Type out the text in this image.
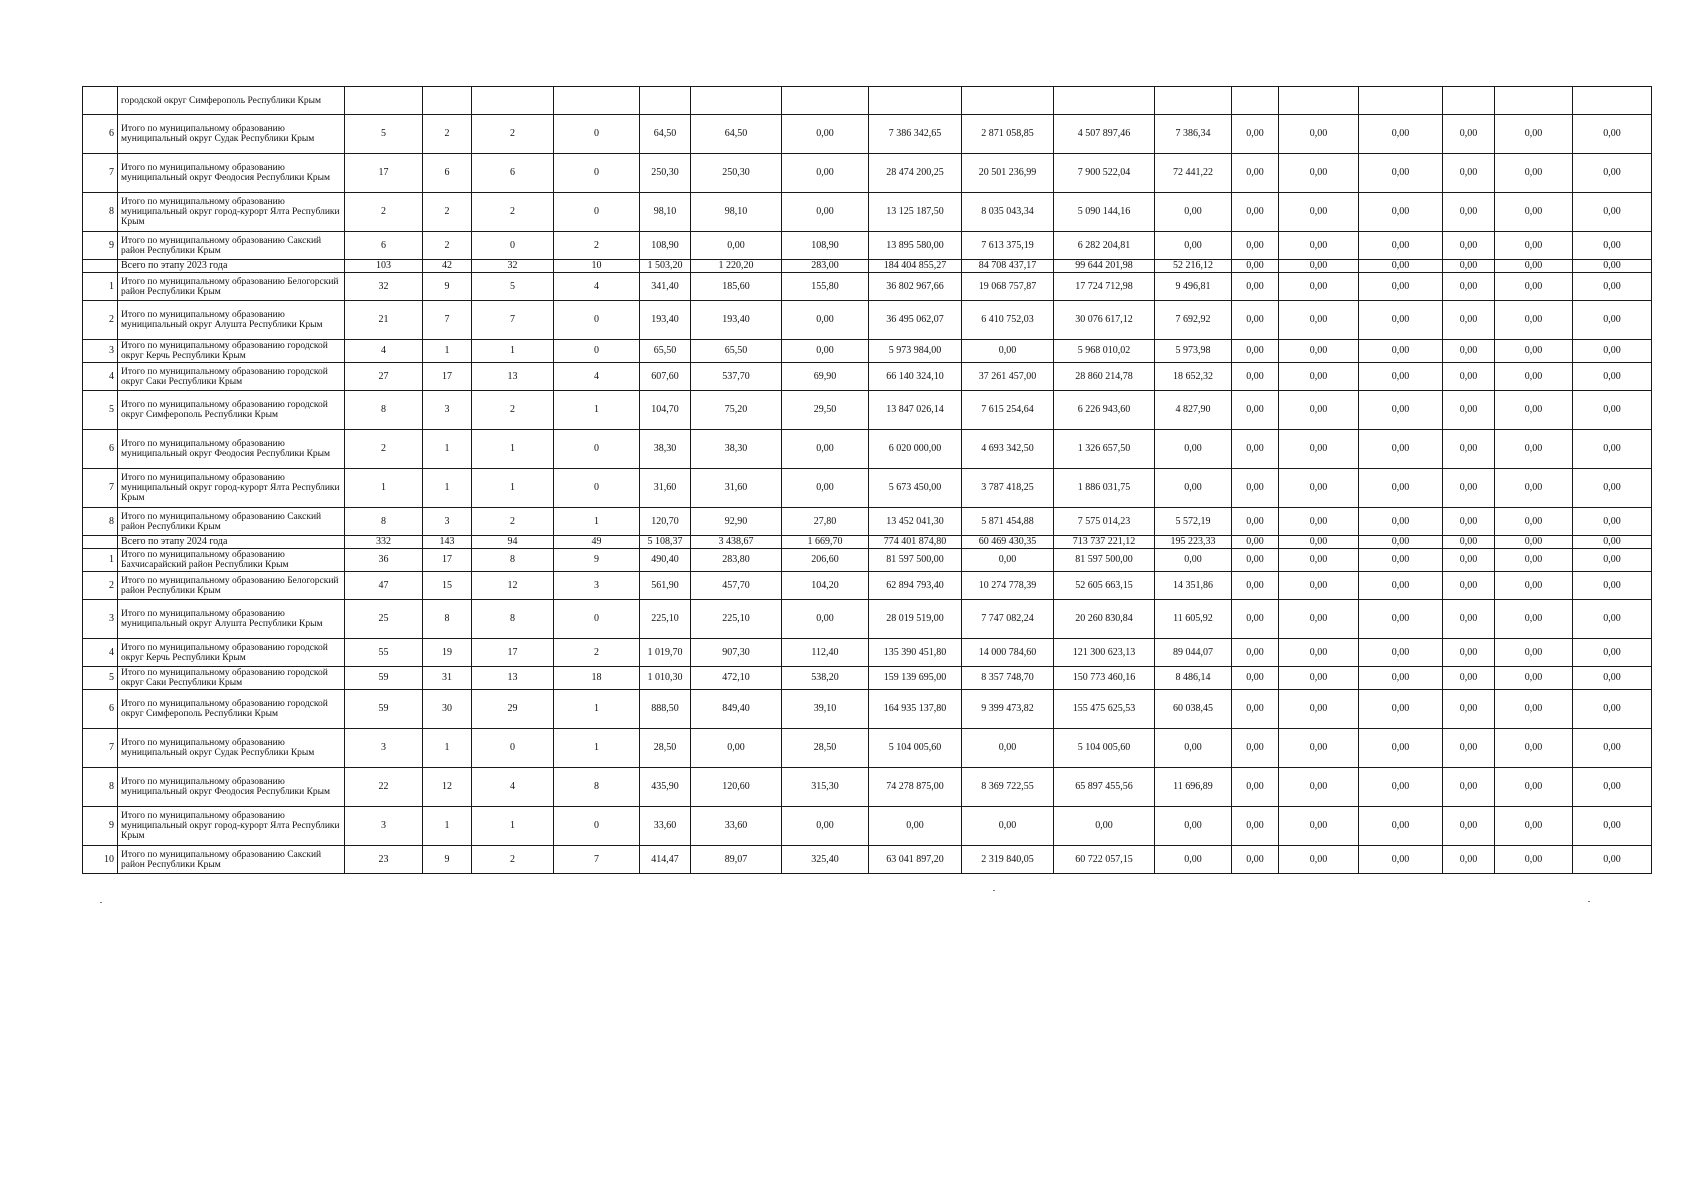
	городской округ Симферополь Республики Крым																		
6	Итого по муниципальному образованию муниципальный округ Судак Республики Крым	5	2	2	0	64,50	64,50	0,00	7 386 342,65	2 871 058,85	4 507 897,46	7 386,34	0,00	0,00	0,00	0,00	0,00	0,00	
7	Итого по муниципальному образованию муниципальный округ Феодосия Республики Крым	17	6	6	0	250,30	250,30	0,00	28 474 200,25	20 501 236,99	7 900 522,04	72 441,22	0,00	0,00	0,00	0,00	0,00	0,00	
8	Итого по муниципальному образованию муниципальный округ город-курорт Ялта Республики Крым	2	2	2	0	98,10	98,10	0,00	13 125 187,50	8 035 043,34	5 090 144,16	0,00	0,00	0,00	0,00	0,00	0,00	0,00	
9	Итого по муниципальному образованию Сакский район Республики Крым	6	2	0	2	108,90	0,00	108,90	13 895 580,00	7 613 375,19	6 282 204,81	0,00	0,00	0,00	0,00	0,00	0,00	0,00	
	Всего по этапу 2023 года	103	42	32	10	1 503,20	1 220,20	283,00	184 404 855,27	84 708 437,17	99 644 201,98	52 216,12	0,00	0,00	0,00	0,00	0,00	0,00	
1	Итого по муниципальному образованию Белогорский район Республики Крым	32	9	5	4	341,40	185,60	155,80	36 802 967,66	19 068 757,87	17 724 712,98	9 496,81	0,00	0,00	0,00	0,00	0,00	0,00	
2	Итого по муниципальному образованию муниципальный округ Алушта Республики Крым	21	7	7	0	193,40	193,40	0,00	36 495 062,07	6 410 752,03	30 076 617,12	7 692,92	0,00	0,00	0,00	0,00	0,00	0,00	
3	Итого по муниципальному образованию городской округ Керчь Республики Крым	4	1	1	0	65,50	65,50	0,00	5 973 984,00	0,00	5 968 010,02	5 973,98	0,00	0,00	0,00	0,00	0,00	0,00	
4	Итого по муниципальному образованию городской округ Саки Республики Крым	27	17	13	4	607,60	537,70	69,90	66 140 324,10	37 261 457,00	28 860 214,78	18 652,32	0,00	0,00	0,00	0,00	0,00	0,00	
5	Итого по муниципальному образованию городской округ Симферополь Республики Крым	8	3	2	1	104,70	75,20	29,50	13 847 026,14	7 615 254,64	6 226 943,60	4 827,90	0,00	0,00	0,00	0,00	0,00	0,00	
6	Итого по муниципальному образованию муниципальный округ Феодосия Республики Крым	2	1	1	0	38,30	38,30	0,00	6 020 000,00	4 693 342,50	1 326 657,50	0,00	0,00	0,00	0,00	0,00	0,00	0,00	
7	Итого по муниципальному образованию муниципальный округ город-курорт Ялта Республики Крым	1	1	1	0	31,60	31,60	0,00	5 673 450,00	3 787 418,25	1 886 031,75	0,00	0,00	0,00	0,00	0,00	0,00	0,00	
8	Итого по муниципальному образованию Сакский район Республики Крым	8	3	2	1	120,70	92,90	27,80	13 452 041,30	5 871 454,88	7 575 014,23	5 572,19	0,00	0,00	0,00	0,00	0,00	0,00	
	Всего по этапу 2024 года	332	143	94	49	5 108,37	3 438,67	1 669,70	774 401 874,80	60 469 430,35	713 737 221,12	195 223,33	0,00	0,00	0,00	0,00	0,00	0,00	
1	Итого по муниципальному образованию Бахчисарайский район Республики Крым	36	17	8	9	490,40	283,80	206,60	81 597 500,00	0,00	81 597 500,00	0,00	0,00	0,00	0,00	0,00	0,00	0,00	
2	Итого по муниципальному образованию Белогорский район Республики Крым	47	15	12	3	561,90	457,70	104,20	62 894 793,40	10 274 778,39	52 605 663,15	14 351,86	0,00	0,00	0,00	0,00	0,00	0,00	
3	Итого по муниципальному образованию муниципальный округ Алушта Республики Крым	25	8	8	0	225,10	225,10	0,00	28 019 519,00	7 747 082,24	20 260 830,84	11 605,92	0,00	0,00	0,00	0,00	0,00	0,00	
4	Итого по муниципальному образованию городской округ Керчь Республики Крым	55	19	17	2	1 019,70	907,30	112,40	135 390 451,80	14 000 784,60	121 300 623,13	89 044,07	0,00	0,00	0,00	0,00	0,00	0,00	
5	Итого по муниципальному образованию городской округ Саки Республики Крым	59	31	13	18	1 010,30	472,10	538,20	159 139 695,00	8 357 748,70	150 773 460,16	8 486,14	0,00	0,00	0,00	0,00	0,00	0,00	
6	Итого по муниципальному образованию городской округ Симферополь Республики Крым	59	30	29	1	888,50	849,40	39,10	164 935 137,80	9 399 473,82	155 475 625,53	60 038,45	0,00	0,00	0,00	0,00	0,00	0,00	
7	Итого по муниципальному образованию муниципальный округ Судак Республики Крым	3	1	0	1	28,50	0,00	28,50	5 104 005,60	0,00	5 104 005,60	0,00	0,00	0,00	0,00	0,00	0,00	0,00	
8	Итого по муниципальному образованию муниципальный округ Феодосия Республики Крым	22	12	4	8	435,90	120,60	315,30	74 278 875,00	8 369 722,55	65 897 455,56	11 696,89	0,00	0,00	0,00	0,00	0,00	0,00	
9	Итого по муниципальному образованию муниципальный округ город-курорт Ялта Республики Крым	3	1	1	0	33,60	33,60	0,00	0,00	0,00	0,00	0,00	0,00	0,00	0,00	0,00	0,00	0,00	
10	Итого по муниципальному образованию Сакский район Республики Крым	23	9	2	7	414,47	89,07	325,40	63 041 897,20	2 319 840,05	60 722 057,15	0,00	0,00	0,00	0,00	0,00	0,00	0,00	
